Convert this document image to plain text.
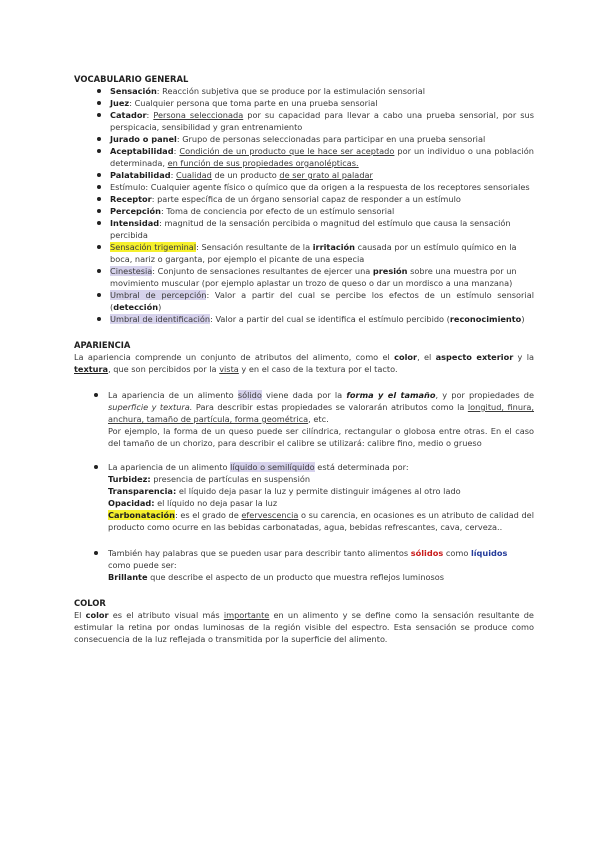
VOCABULARIO GENERAL
Sensación: Reacción subjetiva que se produce por la estimulación sensorial
Juez: Cualquier persona que toma parte en una prueba sensorial
Catador: Persona seleccionada por su capacidad para llevar a cabo una prueba sensorial, por sus perspicacia, sensibilidad y gran entrenamiento
Jurado o panel: Grupo de personas seleccionadas para participar en una prueba sensorial
Aceptabilidad: Condición de un producto que le hace ser aceptado por un individuo o una población determinada, en función de sus propiedades organolépticas.
Palatabilidad: Cualidad de un producto de ser grato al paladar
Estímulo: Cualquier agente físico o químico que da origen a la respuesta de los receptores sensoriales
Receptor: parte específica de un órgano sensorial capaz de responder a un estímulo
Percepción: Toma de conciencia por efecto de un estímulo sensorial
Intensidad: magnitud de la sensación percibida o magnitud del estímulo que causa la sensación percibida
Sensación trigeminal: Sensación resultante de la irritación causada por un estímulo químico en la boca, nariz o garganta, por ejemplo el picante de una especia
Cinestesia: Conjunto de sensaciones resultantes de ejercer una presión sobre una muestra por un movimiento muscular (por ejemplo aplastar un trozo de queso o dar un mordisco a una manzana)
Umbral de percepción: Valor a partir del cual se percibe los efectos de un estímulo sensorial (detección)
Umbral de identificación: Valor a partir del cual se identifica el estímulo percibido (reconocimiento)
APARIENCIA
La apariencia comprende un conjunto de atributos del alimento, como el color, el aspecto exterior y la textura, que son percibidos por la vista y en el caso de la textura por el tacto.
La apariencia de un alimento sólido viene dada por la forma y el tamaño, y por propiedades de superficie y textura. Para describir estas propiedades se valorarán atributos como la longitud, finura, anchura, tamaño de partícula, forma geométrica, etc.
Por ejemplo, la forma de un queso puede ser cilíndrica, rectangular o globosa entre otras. En el caso del tamaño de un chorizo, para describir el calibre se utilizará: calibre fino, medio o grueso
La apariencia de un alimento líquido o semilíquido está determinada por:
Turbidez: presencia de partículas en suspensión
Transparencia: el líquido deja pasar la luz y permite distinguir imágenes al otro lado
Opacidad: el líquido no deja pasar la luz
Carbonatación: es el grado de efervescencia o su carencia, en ocasiones es un atributo de calidad del producto como ocurre en las bebidas carbonatadas, agua, bebidas refrescantes, cava, cerveza..
También hay palabras que se pueden usar para describir tanto alimentos sólidos como líquidos
como puede ser:
Brillante que describe el aspecto de un producto que muestra reflejos luminosos
COLOR
El color es el atributo visual más importante en un alimento y se define como la sensación resultante de estimular la retina por ondas luminosas de la región visible del espectro. Esta sensación se produce como consecuencia de la luz reflejada o transmitida por la superficie del alimento.
